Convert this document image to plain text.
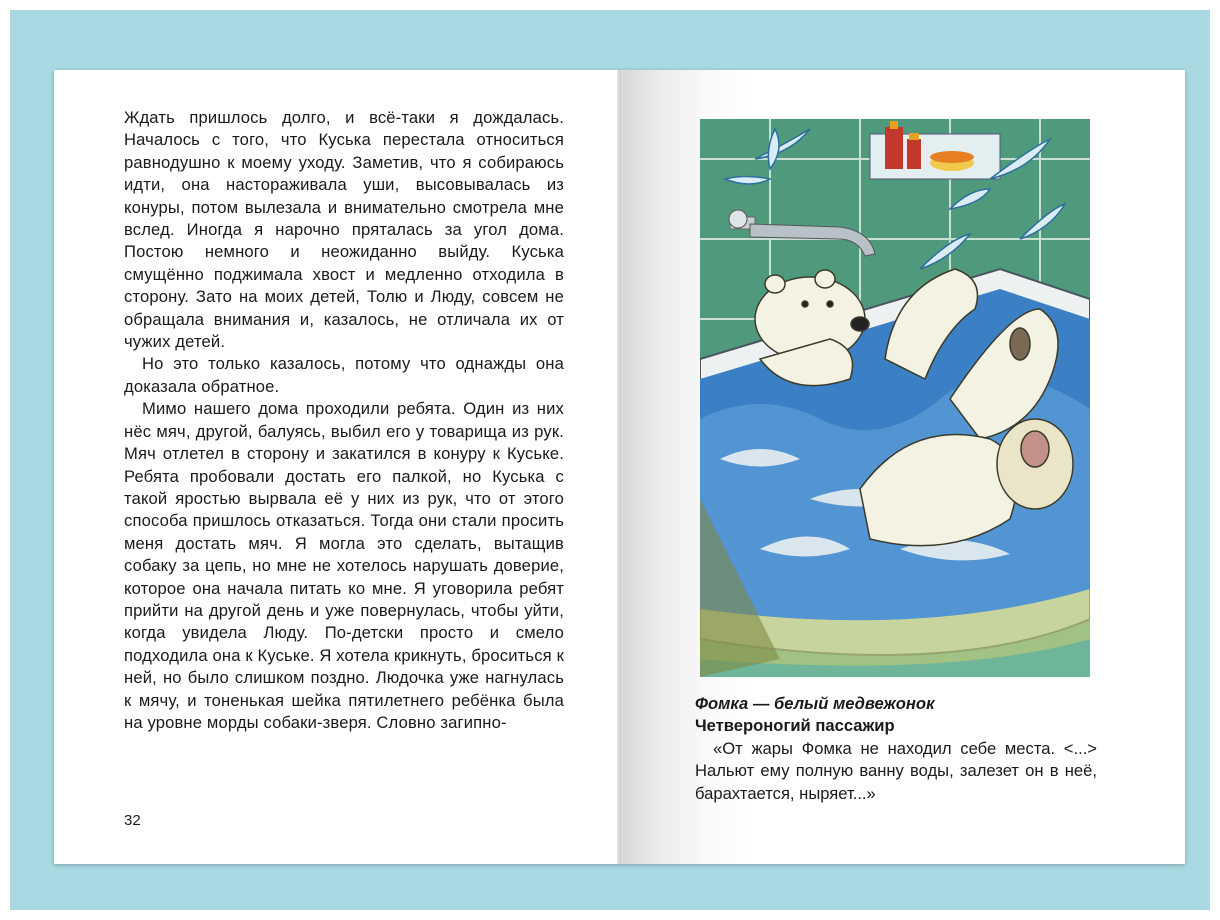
Ждать пришлось долго, и всё-таки я дождалась. Началось с того, что Куська перестала относиться равнодушно к моему уходу. Заметив, что я собираюсь идти, она настораживала уши, высовывалась из конуры, потом вылезала и внимательно смотрела мне вслед. Иногда я нарочно пряталась за угол дома. Постою немного и неожиданно выйду. Куська смущённо поджимала хвост и медленно отходила в сторону. Зато на моих детей, Толю и Люду, совсем не обращала внимания и, казалось, не отличала их от чужих детей.

Но это только казалось, потому что однажды она доказала обратное.

Мимо нашего дома проходили ребята. Один из них нёс мяч, другой, балуясь, выбил его у товарища из рук. Мяч отлетел в сторону и закатился в конуру к Куське. Ребята пробовали достать его палкой, но Куська с такой яростью вырвала её у них из рук, что от этого способа пришлось отказаться. Тогда они стали просить меня достать мяч. Я могла это сделать, вытащив собаку за цепь, но мне не хотелось нарушать доверие, которое она начала питать ко мне. Я уговорила ребят прийти на другой день и уже повернулась, чтобы уйти, когда увидела Люду. По-детски просто и смело подходила она к Куське. Я хотела крикнуть, броситься к ней, но было слишком поздно. Людочка уже нагнулась к мячу, и тоненькая шейка пятилетнего ребёнка была на уровне морды собаки-зверя. Словно загипно-

32

Фомка — белый медвежонок

Четвероногий пассажир

«От жары Фомка не находил себе места. <...> Нальют ему полную ванну воды, залезет он в неё, барахтается, ныряет...»
